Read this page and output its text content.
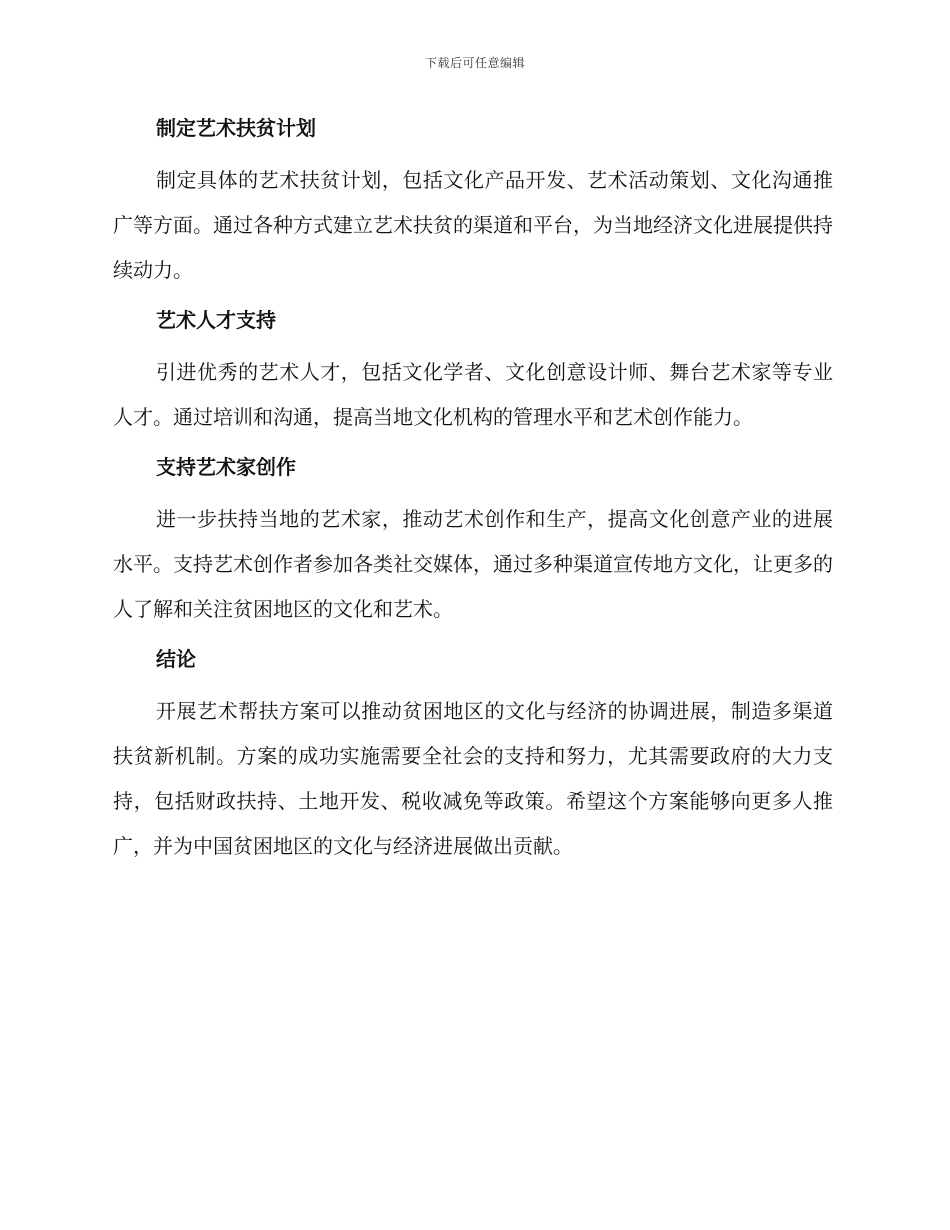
下载后可任意编辑
制定艺术扶贫计划

制定具体的艺术扶贫计划，包括文化产品开发、艺术活动策划、文化沟通推广等方面。通过各种方式建立艺术扶贫的渠道和平台，为当地经济文化进展提供持续动力。

艺术人才支持

引进优秀的艺术人才，包括文化学者、文化创意设计师、舞台艺术家等专业人才。通过培训和沟通，提高当地文化机构的管理水平和艺术创作能力。

支持艺术家创作

进一步扶持当地的艺术家，推动艺术创作和生产，提高文化创意产业的进展水平。支持艺术创作者参加各类社交媒体，通过多种渠道宣传地方文化，让更多的人了解和关注贫困地区的文化和艺术。

结论

开展艺术帮扶方案可以推动贫困地区的文化与经济的协调进展，制造多渠道扶贫新机制。方案的成功实施需要全社会的支持和努力，尤其需要政府的大力支持，包括财政扶持、土地开发、税收减免等政策。希望这个方案能够向更多人推广，并为中国贫困地区的文化与经济进展做出贡献。
